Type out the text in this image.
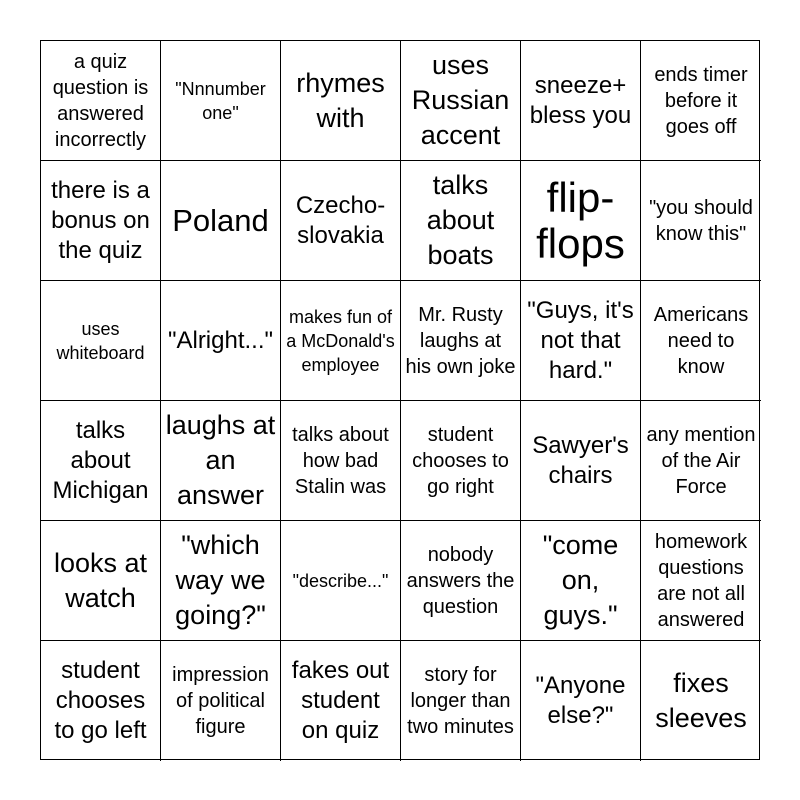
a quiz question is answered incorrectly
"Nnnumber one"
rhymes with
uses Russian accent
sneeze+ bless you
ends timer before it goes off
there is a bonus on the quiz
Poland	Czecho-slovakia
talks about boats
flip-flops
"you should know this"
uses whiteboard "Alright..."
makes fun of a McDonald's employee
Mr. Rusty laughs at his own joke
"Guys, it's not that hard."
Americans need to know
talks about Michigan
laughs at an answer
talks about how bad Stalin was
student chooses to go right
Sawyer's chairs
any mention of the Air Force
looks at watch
"which way we going?"
"describe..."
nobody answers the question
"come on, guys."
homework questions are not all answered
student chooses to go left
impression of political figure
fakes out student on quiz
story for longer than two minutes
"Anyone else?"
fixes sleeves
